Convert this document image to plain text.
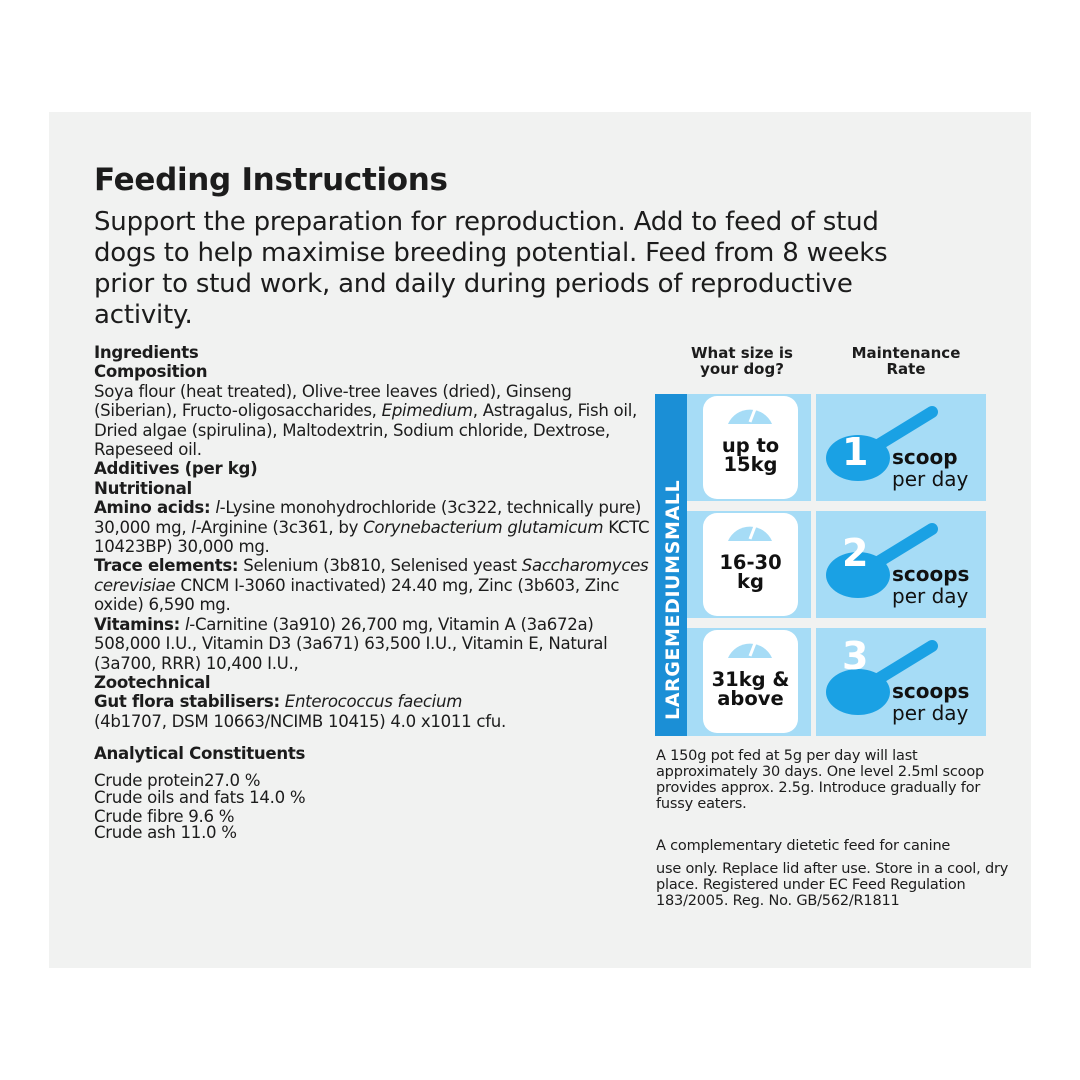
Feeding Instructions
Support the preparation for reproduction. Add to feed of stud dogs to help maximise breeding potential. Feed from 8 weeks prior to stud work, and daily during periods of reproductive activity.

Ingredients

Composition

Soya flour (heat treated), Olive-tree leaves (dried), Ginseng (Siberian), Fructo-oligosaccharides, Epimedium, Astragalus, Fish oil, Dried algae (spirulina), Maltodextrin, Sodium chloride, Dextrose, Rapeseed oil.

Additives (per kg)

Nutritional

Amino acids: l-Lysine monohydrochloride (3c322, technically pure) 30,000 mg, l-Arginine (3c361, by Corynebacterium glutamicum KCTC 10423BP) 30,000 mg.

Trace elements: Selenium (3b810, Selenised yeast Saccharomyces cerevisiae CNCM I-3060 inactivated) 24.40 mg, Zinc (3b603, Zinc oxide) 6,590 mg.

Vitamins: l-Carnitine (3a910) 26,700 mg, Vitamin A (3a672a) 508,000 I.U., Vitamin D3 (3a671) 63,500 I.U., Vitamin E, Natural (3a700, RRR) 10,400 I.U.,

Zootechnical

Gut flora stabilisers: Enterococcus faecium
(4b1707, DSM 10663/NCIMB 10415) 4.0 x1011 cfu.

Analytical Constituents
Crude protein27.0 %
Crude oils and fats 14.0 %
Crude fibre 9.6 %
Crude ash 11.0 %
What size is your dog?
Maintenance Rate
LARGEMEDIUMSMALL
up to 15kg	1 scoop
per day
16-30 kg
2 scoops
per day
31kg & above
3
scoops
per day
A 150g pot fed at 5g per day will last approximately 30 days. One level 2.5ml scoop provides approx. 2.5g. Introduce gradually for fussy eaters.
A complementary dietetic feed for canine
use only. Replace lid after use. Store in a cool, dry place. Registered under EC Feed Regulation 183/2005. Reg. No. GB/562/R1811
